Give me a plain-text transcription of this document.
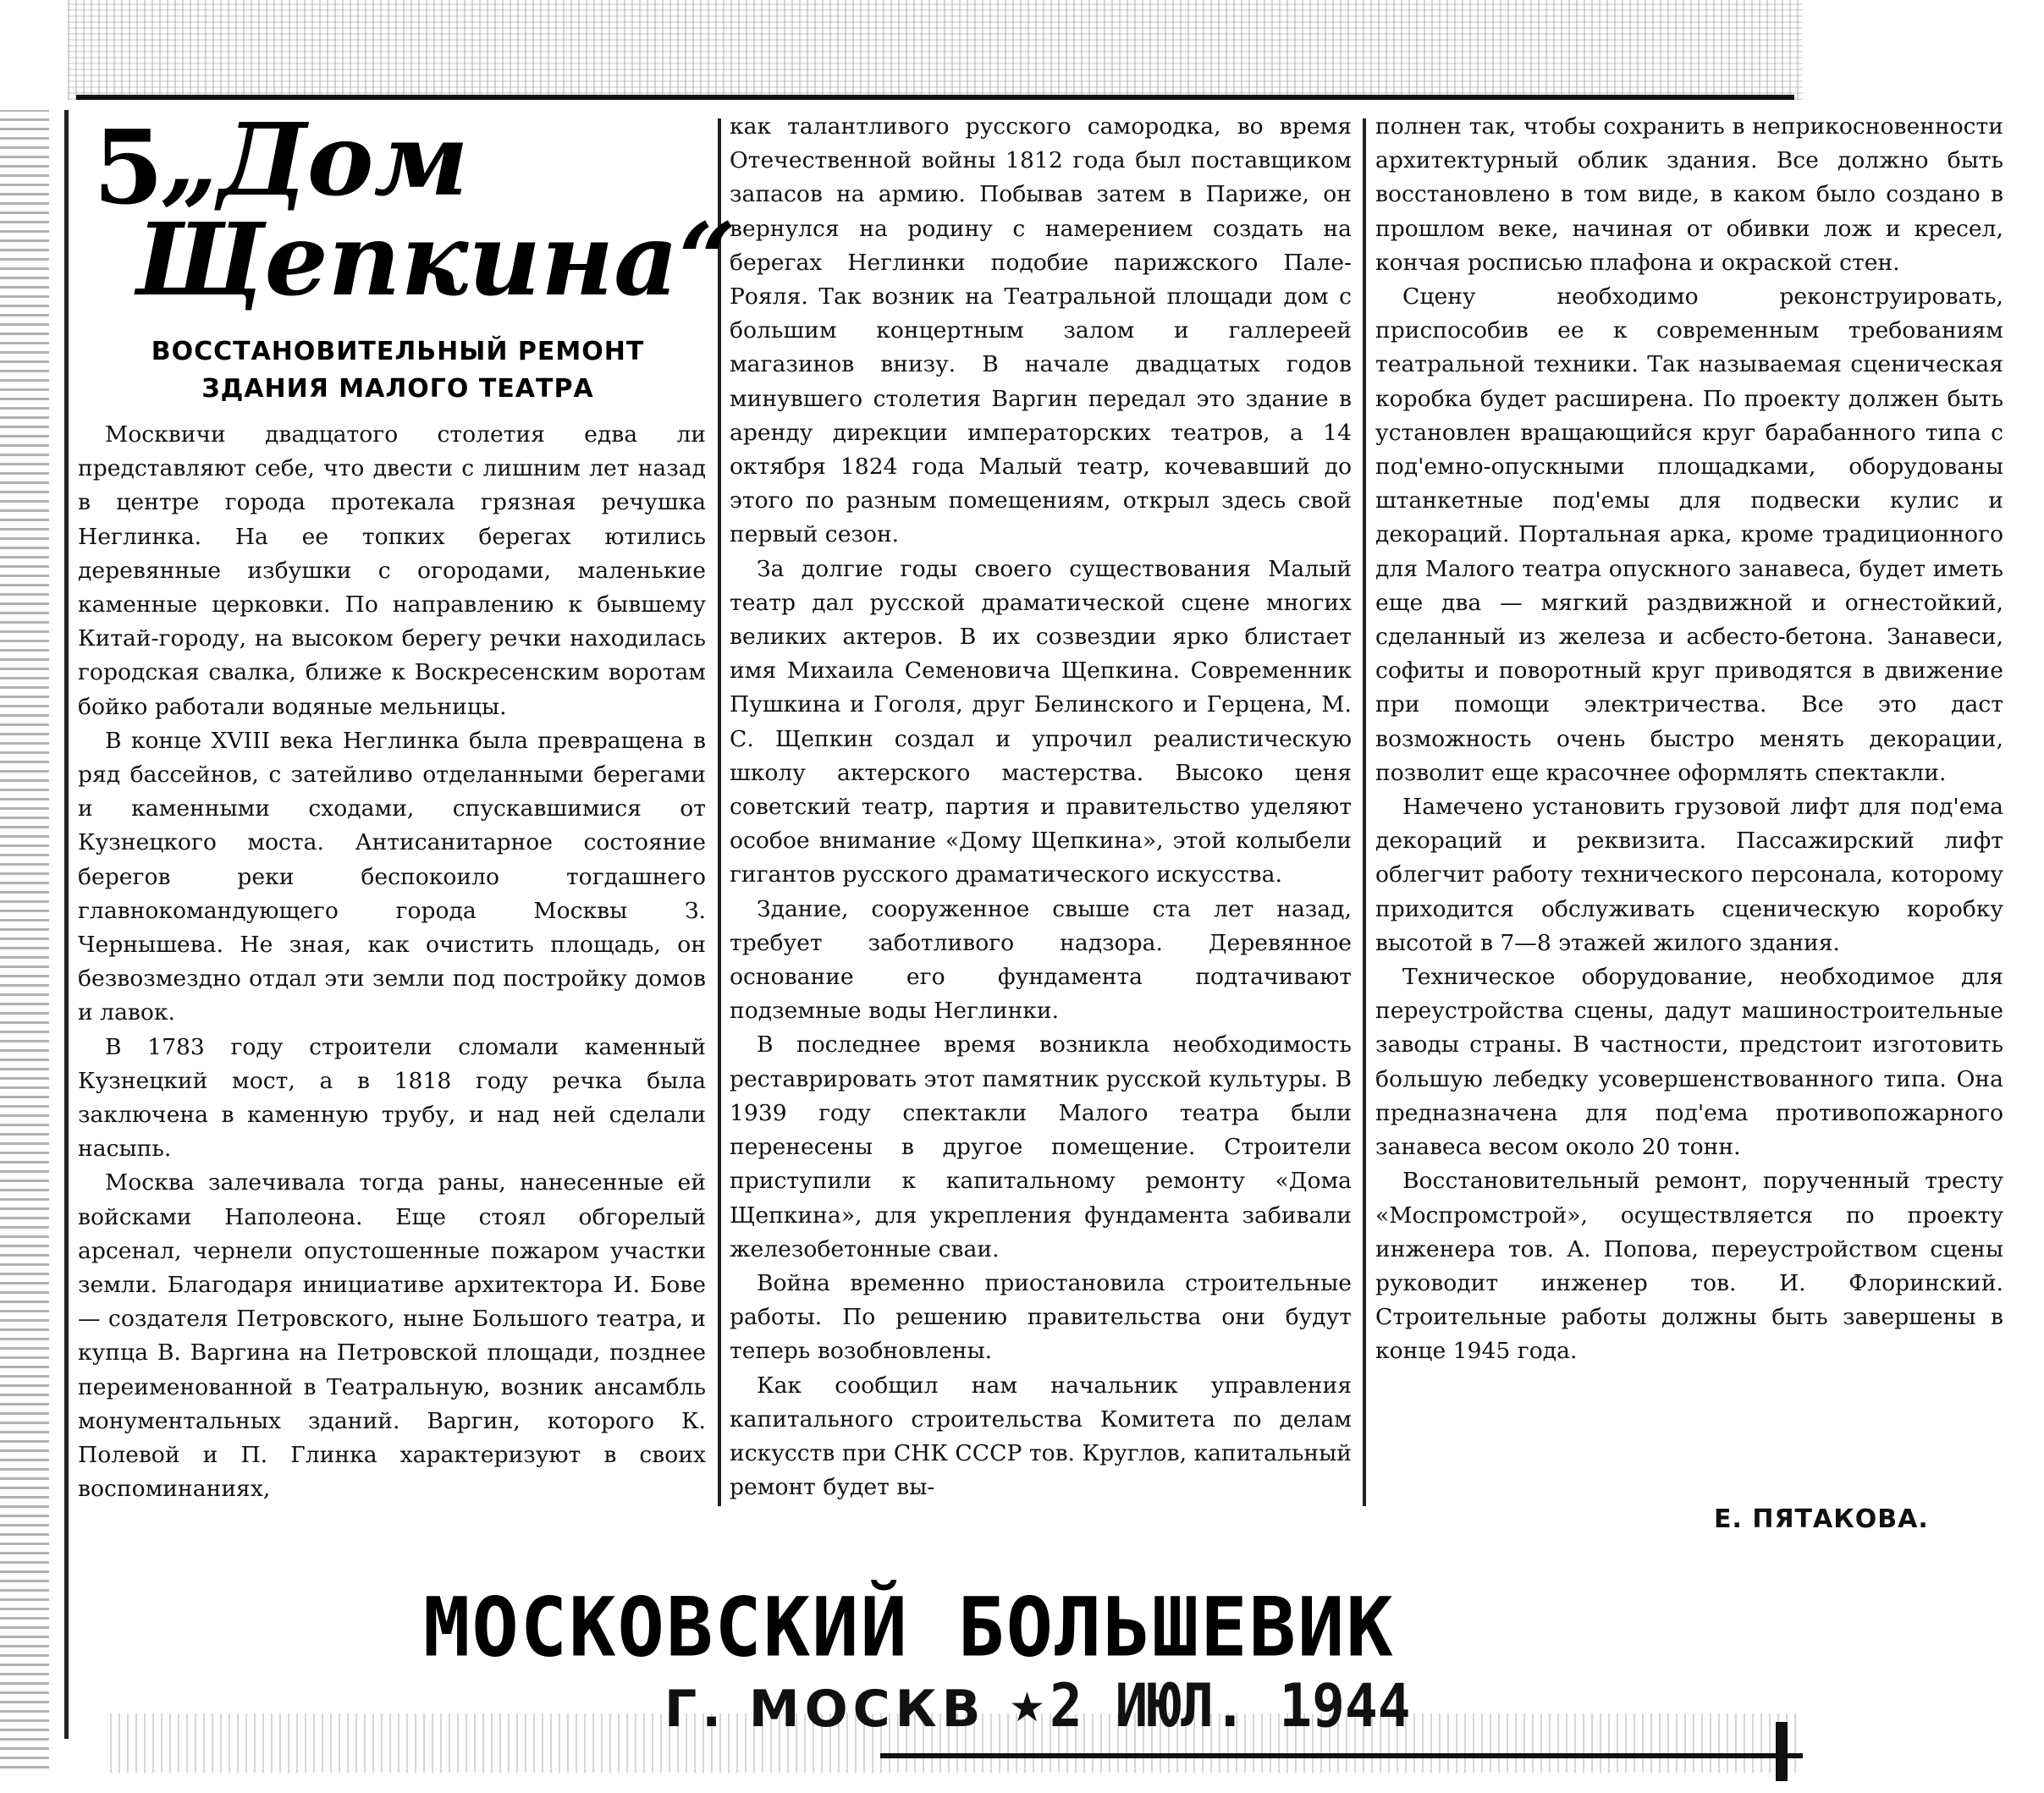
5
„Дом
Щепкина“
ВОССТАНОВИТЕЛЬНЫЙ РЕМОНТ
ЗДАНИЯ МАЛОГО ТЕАТРА

Москвичи двадцатого столетия едва ли представляют себе, что двести с лишним лет назад в центре города протекала грязная речушка Неглинка. На ее топких берегах ютились деревянные избушки с огородами, маленькие каменные церковки. По направлению к бывшему Китай-городу, на высоком берегу речки находилась городская свалка, ближе к Воскресенским воротам бойко работали водяные мельницы.

В конце XVIII века Неглинка была превращена в ряд бассейнов, с затейливо отделанными берегами и каменными сходами, спускавшимися от Кузнецкого моста. Антисанитарное состояние берегов реки беспокоило тогдашнего главнокомандующего города Москвы З. Чернышева. Не зная, как очистить площадь, он безвозмездно отдал эти земли под постройку домов и лавок.

В 1783 году строители сломали каменный Кузнецкий мост, а в 1818 году речка была заключена в каменную трубу, и над ней сделали насыпь.

Москва залечивала тогда раны, нанесенные ей войсками Наполеона. Еще стоял обгорелый арсенал, чернели опустошенные пожаром участки земли. Благодаря инициативе архитектора И. Бове — создателя Петровского, ныне Большого театра, и купца В. Варгина на Петровской площади, позднее переименованной в Театральную, возник ансамбль монументальных зданий. Варгин, которого К. Полевой и П. Глинка характеризуют в своих воспоминаниях,

как талантливого русского самородка, во время Отечественной войны 1812 года был поставщиком запасов на армию. Побывав затем в Париже, он вернулся на родину с намерением создать на берегах Неглинки подобие парижского Пале-Рояля. Так возник на Театральной площади дом с большим концертным залом и галлереей магазинов внизу. В начале двадцатых годов минувшего столетия Варгин передал это здание в аренду дирекции императорских театров, а 14 октября 1824 года Малый театр, кочевавший до этого по разным помещениям, открыл здесь свой первый сезон.

За долгие годы своего существования Малый театр дал русской драматической сцене многих великих актеров. В их созвездии ярко блистает имя Михаила Семеновича Щепкина. Современник Пушкина и Гоголя, друг Белинского и Герцена, М. С. Щепкин создал и упрочил реалистическую школу актерского мастерства. Высоко ценя советский театр, партия и правительство уделяют особое внимание «Дому Щепкина», этой колыбели гигантов русского драматического искусства.

Здание, сооруженное свыше ста лет назад, требует заботливого надзора. Деревянное основание его фундамента подтачивают подземные воды Неглинки.

В последнее время возникла необходимость реставрировать этот памятник русской культуры. В 1939 году спектакли Малого театра были перенесены в другое помещение. Строители приступили к капитальному ремонту «Дома Щепкина», для укрепления фундамента забивали железобетонные сваи.

Война временно приостановила строительные работы. По решению правительства они будут теперь возобновлены.

Как сообщил нам начальник управления капитального строительства Комитета по делам искусств при СНК СССР тов. Круглов, капитальный ремонт будет вы-

полнен так, чтобы сохранить в неприкосновенности архитектурный облик здания. Все должно быть восстановлено в том виде, в каком было создано в прошлом веке, начиная от обивки лож и кресел, кончая росписью плафона и окраской стен.

Сцену необходимо реконструировать, приспособив ее к современным требованиям театральной техники. Так называемая сценическая коробка будет расширена. По проекту должен быть установлен вращающийся круг барабанного типа с под'емно-опускными площадками, оборудованы штанкетные под'емы для подвески кулис и декораций. Портальная арка, кроме традиционного для Малого театра опускного занавеса, будет иметь еще два — мягкий раздвижной и огнестойкий, сделанный из железа и асбесто-бетона. Занавеси, софиты и поворотный круг приводятся в движение при помощи электричества. Все это даст возможность очень быстро менять декорации, позволит еще красочнее оформлять спектакли.

Намечено установить грузовой лифт для под'ема декораций и реквизита. Пассажирский лифт облегчит работу технического персонала, которому приходится обслуживать сценическую коробку высотой в 7—8 этажей жилого здания.

Техническое оборудование, необходимое для переустройства сцены, дадут машиностроительные заводы страны. В частности, предстоит изготовить большую лебедку усовершенствованного типа. Она предназначена для под'ема противопожарного занавеса весом около 20 тонн.

Восстановительный ремонт, порученный тресту «Моспромстрой», осуществляется по проекту инженера тов. А. Попова, переустройством сцены руководит инженер тов. И. Флоринский. Строительные работы должны быть завершены в конце 1945 года.

Е. ПЯТАКОВА.
МОСКОВСКИЙ БОЛЬШЕВИК
Г. МОСКВ ★ 2 ИЮЛ. 1944
